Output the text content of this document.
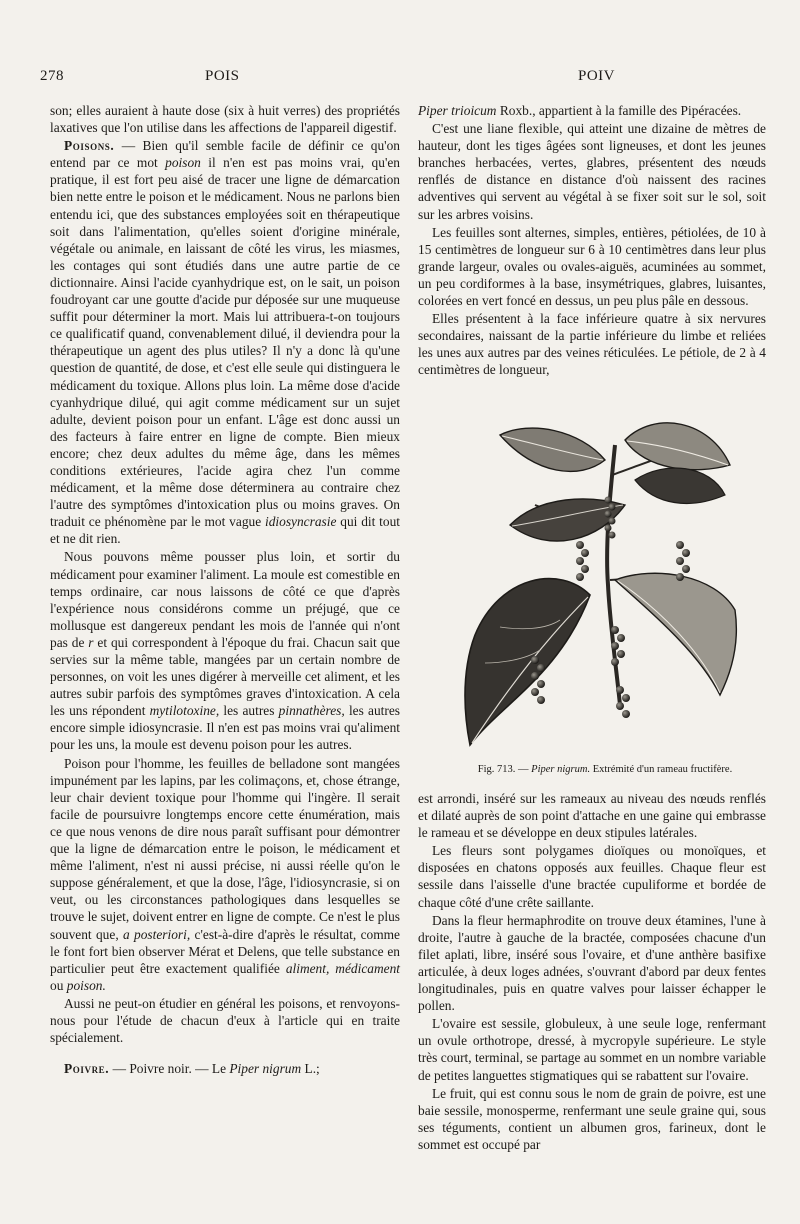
278	POIS	POIV

son; elles auraient à haute dose (six à huit verres) des propriétés laxatives que l'on utilise dans les affections de l'appareil digestif.

Poisons. — Bien qu'il semble facile de définir ce qu'on entend par ce mot poison il n'en est pas moins vrai, qu'en pratique, il est fort peu aisé de tracer une ligne de démarcation bien nette entre le poison et le médicament. Nous ne parlons bien entendu ici, que des substances employées soit en thérapeutique soit dans l'alimentation, qu'elles soient d'origine minérale, végétale ou animale, en laissant de côté les virus, les miasmes, les contages qui sont étudiés dans une autre partie de ce dictionnaire. Ainsi l'acide cyanhydrique est, on le sait, un poison foudroyant car une goutte d'acide pur déposée sur une muqueuse suffit pour déterminer la mort. Mais lui attribuera-t-on toujours ce qualificatif quand, convenablement dilué, il deviendra pour la thérapeutique un agent des plus utiles? Il n'y a donc là qu'une question de quantité, de dose, et c'est elle seule qui distinguera le médicament du toxique. Allons plus loin. La même dose d'acide cyanhydrique dilué, qui agit comme médicament sur un sujet adulte, devient poison pour un enfant. L'âge est donc aussi un des facteurs à faire entrer en ligne de compte. Bien mieux encore; chez deux adultes du même âge, dans les mêmes conditions extérieures, l'acide agira chez l'un comme médicament, et la même dose déterminera au contraire chez l'autre des symptômes d'intoxication plus ou moins graves. On traduit ce phénomène par le mot vague idiosyncrasie qui dit tout et ne dit rien.

Nous pouvons même pousser plus loin, et sortir du médicament pour examiner l'aliment. La moule est comestible en temps ordinaire, car nous laissons de côté ce que d'après l'expérience nous considérons comme un préjugé, que ce mollusque est dangereux pendant les mois de l'année qui n'ont pas de r et qui correspondent à l'époque du frai. Chacun sait que servies sur la même table, mangées par un certain nombre de personnes, on voit les unes digérer à merveille cet aliment, et les autres subir parfois des symptômes graves d'intoxication. A cela les uns répondent mytilotoxine, les autres pinnathères, les autres encore simple idiosyncrasie. Il n'en est pas moins vrai qu'aliment pour les uns, la moule est devenu poison pour les autres.

Poison pour l'homme, les feuilles de belladone sont mangées impunément par les lapins, par les colimaçons, et, chose étrange, leur chair devient toxique pour l'homme qui l'ingère. Il serait facile de poursuivre longtemps encore cette énumération, mais ce que nous venons de dire nous paraît suffisant pour démontrer que la ligne de démarcation entre le poison, le médicament et même l'aliment, n'est ni aussi précise, ni aussi réelle qu'on le suppose généralement, et que la dose, l'âge, l'idiosyncrasie, si on veut, ou les circonstances pathologiques dans lesquelles se trouve le sujet, doivent entrer en ligne de compte. Ce n'est le plus souvent que, a posteriori, c'est-à-dire d'après le résultat, comme le font fort bien observer Mérat et Delens, que telle substance en particulier peut être exactement qualifiée aliment, médicament ou poison.

Aussi ne peut-on étudier en général les poisons, et renvoyons-nous pour l'étude de chacun d'eux à l'article qui en traite spécialement.

Poivre. — Poivre noir. — Le Piper nigrum L.;

Piper trioicum Roxb., appartient à la famille des Pipéracées.

C'est une liane flexible, qui atteint une dizaine de mètres de hauteur, dont les tiges âgées sont ligneuses, et dont les jeunes branches herbacées, vertes, glabres, présentent des nœuds renflés de distance en distance d'où naissent des racines adventives qui servent au végétal à se fixer soit sur le sol, soit sur les arbres voisins.

Les feuilles sont alternes, simples, entières, pétiolées, de 10 à 15 centimètres de longueur sur 6 à 10 centimètres dans leur plus grande largeur, ovales ou ovales-aiguës, acuminées au sommet, un peu cordiformes à la base, insymétriques, glabres, luisantes, colorées en vert foncé en dessus, un peu plus pâle en dessous.

Elles présentent à la face inférieure quatre à six nervures secondaires, naissant de la partie inférieure du limbe et reliées les unes aux autres par des veines réticulées. Le pétiole, de 2 à 4 centimètres de longueur,

Fig. 713. — Piper nigrum. Extrémité d'un rameau fructifère.

est arrondi, inséré sur les rameaux au niveau des nœuds renflés et dilaté auprès de son point d'attache en une gaine qui embrasse le rameau et se développe en deux stipules latérales.

Les fleurs sont polygames dioïques ou monoïques, et disposées en chatons opposés aux feuilles. Chaque fleur est sessile dans l'aisselle d'une bractée cupuliforme et bordée de chaque côté d'une crête saillante.

Dans la fleur hermaphrodite on trouve deux étamines, l'une à droite, l'autre à gauche de la bractée, composées chacune d'un filet aplati, libre, inséré sous l'ovaire, et d'une anthère basifixe articulée, à deux loges adnées, s'ouvrant d'abord par deux fentes longitudinales, puis en quatre valves pour laisser échapper le pollen.

L'ovaire est sessile, globuleux, à une seule loge, renfermant un ovule orthotrope, dressé, à mycropyle supérieure. Le style très court, terminal, se partage au sommet en un nombre variable de petites languettes stigmatiques qui se rabattent sur l'ovaire.

Le fruit, qui est connu sous le nom de grain de poivre, est une baie sessile, monosperme, renfermant une seule graine qui, sous ses téguments, contient un albumen gros, farineux, dont le sommet est occupé par
